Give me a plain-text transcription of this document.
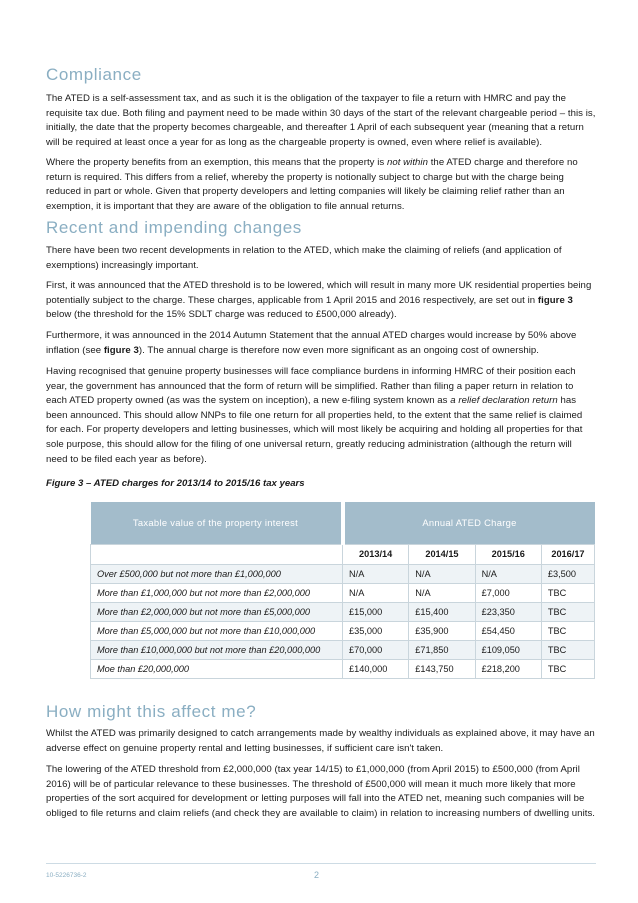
Compliance

The ATED is a self-assessment tax, and as such it is the obligation of the taxpayer to file a return with HMRC and pay the requisite tax due. Both filing and payment need to be made within 30 days of the start of the relevant chargeable period – this is, initially, the date that the property becomes chargeable, and thereafter 1 April of each subsequent year (meaning that a return will be required at least once a year for as long as the chargeable property is owned, even where relief is available).

Where the property benefits from an exemption, this means that the property is not within the ATED charge and therefore no return is required. This differs from a relief, whereby the property is notionally subject to charge but with the charge being reduced in part or whole. Given that property developers and letting companies will likely be claiming relief rather than an exemption, it is important that they are aware of the obligation to file annual returns.

Recent and impending changes

There have been two recent developments in relation to the ATED, which make the claiming of reliefs (and application of exemptions) increasingly important.

First, it was announced that the ATED threshold is to be lowered, which will result in many more UK residential properties being potentially subject to the charge. These charges, applicable from 1 April 2015 and 2016 respectively, are set out in figure 3 below (the threshold for the 15% SDLT charge was reduced to £500,000 already).

Furthermore, it was announced in the 2014 Autumn Statement that the annual ATED charges would increase by 50% above inflation (see figure 3). The annual charge is therefore now even more significant as an ongoing cost of ownership.

Having recognised that genuine property businesses will face compliance burdens in informing HMRC of their position each year, the government has announced that the form of return will be simplified. Rather than filing a paper return in relation to each ATED property owned (as was the system on inception), a new e-filing system known as a relief declaration return has been announced. This should allow NNPs to file one return for all properties held, to the extent that the same relief is claimed for each. For property developers and letting businesses, which will most likely be acquiring and holding all properties for that sole purpose, this should allow for the filing of one universal return, greatly reducing administration (although the return will need to be filed each year as before).

Figure 3 – ATED charges for 2013/14 to 2015/16 tax years
Taxable value of the property interest	Annual ATED Charge			
	2013/14	2014/15	2015/16	2016/17
Over £500,000 but not more than £1,000,000	N/A	N/A	N/A	£3,500
More than £1,000,000 but not more than £2,000,000	N/A	N/A	£7,000	TBC
More than £2,000,000 but not more than £5,000,000	£15,000	£15,400	£23,350	TBC
More than £5,000,000 but not more than £10,000,000	£35,000	£35,900	£54,450	TBC
More than £10,000,000 but not more than £20,000,000	£70,000	£71,850	£109,050	TBC
Moe than £20,000,000	£140,000	£143,750	£218,200	TBC
How might this affect me?

Whilst the ATED was primarily designed to catch arrangements made by wealthy individuals as explained above, it may have an adverse effect on genuine property rental and letting businesses, if sufficient care isn't taken.

The lowering of the ATED threshold from £2,000,000 (tax year 14/15) to £1,000,000 (from April 2015) to £500,000 (from April 2016) will be of particular relevance to these businesses. The threshold of £500,000 will mean it much more likely that more properties of the sort acquired for development or letting purposes will fall into the ATED net, meaning such companies will be obliged to file returns and claim reliefs (and check they are available to claim) in relation to increasing numbers of dwelling units.

10-5226736-2	2
